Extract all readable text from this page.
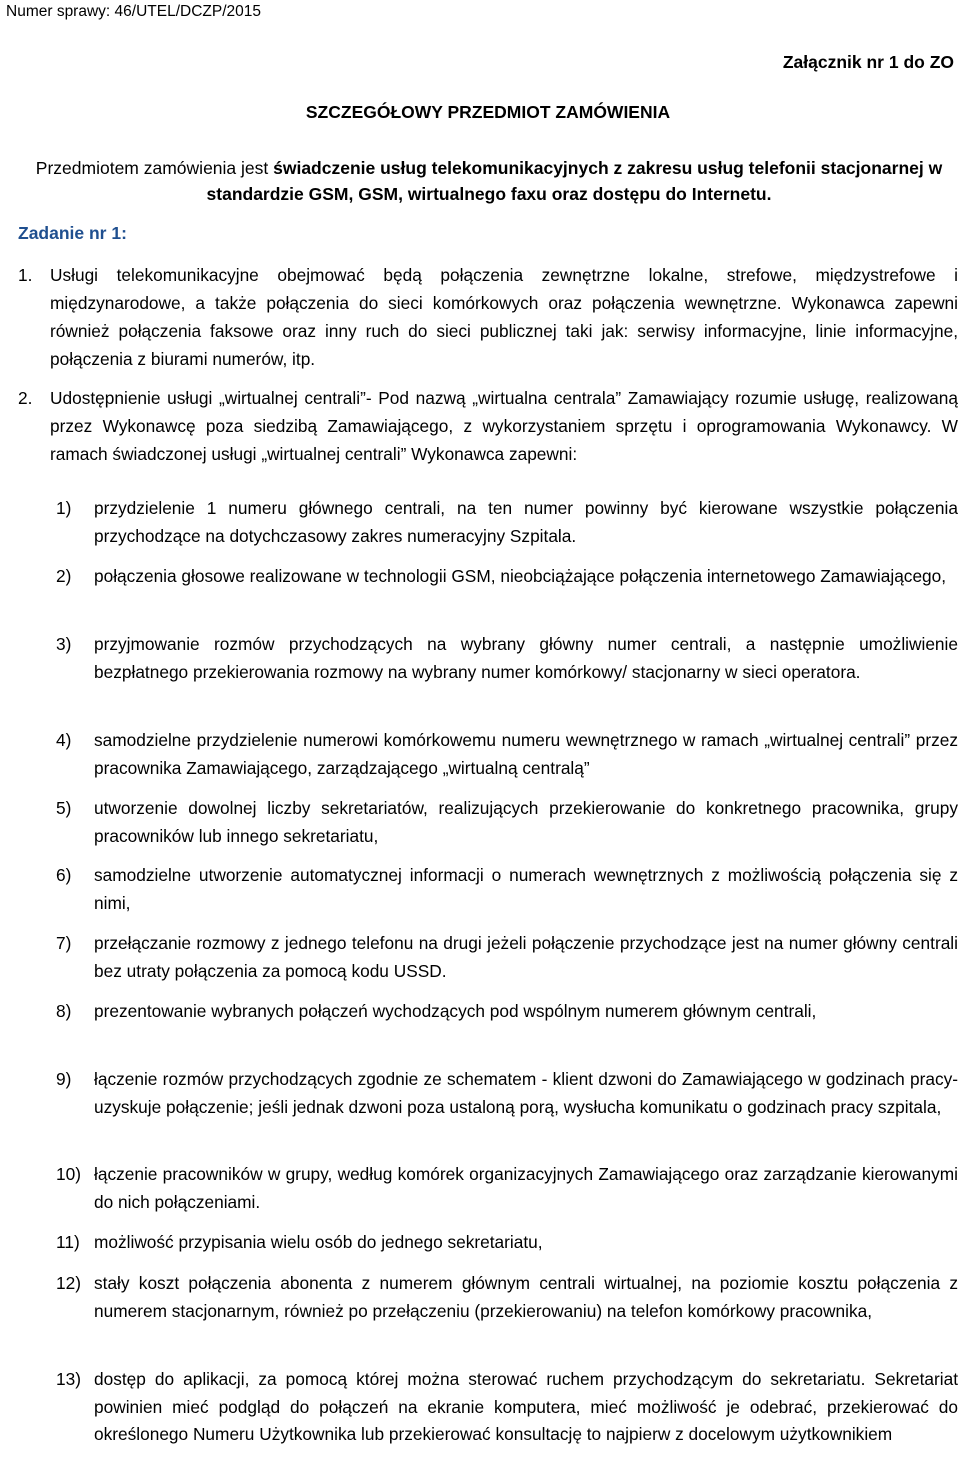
Numer sprawy: 46/UTEL/DCZP/2015
Załącznik nr 1 do ZO
SZCZEGÓŁOWY PRZEDMIOT ZAMÓWIENIA
Przedmiotem zamówienia jest świadczenie usług telekomunikacyjnych z zakresu usług telefonii stacjonarnej w standardzie GSM, GSM, wirtualnego faxu oraz dostępu do Internetu.
Zadanie nr 1:
1. Usługi telekomunikacyjne obejmować będą połączenia zewnętrzne lokalne, strefowe, międzystrefowe i międzynarodowe, a także połączenia do sieci komórkowych oraz połączenia wewnętrzne. Wykonawca zapewni również połączenia faksowe oraz inny ruch do sieci publicznej taki jak: serwisy informacyjne, linie informacyjne, połączenia z biurami numerów, itp.
2. Udostępnienie usługi „wirtualnej centrali”- Pod nazwą „wirtualna centrala” Zamawiający rozumie usługę, realizowaną przez Wykonawcę poza siedzibą Zamawiającego, z wykorzystaniem sprzętu i oprogramowania Wykonawcy. W ramach świadczonej usługi „wirtualnej centrali” Wykonawca zapewni:
1) przydzielenie 1 numeru głównego centrali, na ten numer powinny być kierowane wszystkie połączenia przychodzące na dotychczasowy zakres numeracyjny Szpitala.
2) połączenia głosowe realizowane w technologii GSM, nieobciążające połączenia internetowego Zamawiającego,
3) przyjmowanie rozmów przychodzących na wybrany główny numer centrali, a następnie umożliwienie bezpłatnego przekierowania rozmowy na wybrany numer komórkowy/ stacjonarny w sieci operatora.
4) samodzielne przydzielenie numerowi komórkowemu numeru wewnętrznego w ramach „wirtualnej centrali” przez pracownika Zamawiającego, zarządzającego „wirtualną centralą”
5) utworzenie dowolnej liczby sekretariatów, realizujących przekierowanie do konkretnego pracownika, grupy pracowników lub innego sekretariatu,
6) samodzielne utworzenie automatycznej informacji o numerach wewnętrznych z możliwością połączenia się z nimi,
7) przełączanie rozmowy z jednego telefonu na drugi jeżeli połączenie przychodzące jest na numer główny centrali bez utraty połączenia za pomocą kodu USSD.
8) prezentowanie wybranych połączeń wychodzących pod wspólnym numerem głównym centrali,
9) łączenie rozmów przychodzących zgodnie ze schematem - klient dzwoni do Zamawiającego w godzinach pracy- uzyskuje połączenie; jeśli jednak dzwoni poza ustaloną porą, wysłucha komunikatu o godzinach pracy szpitala,
10) łączenie pracowników w grupy, według komórek organizacyjnych Zamawiającego oraz zarządzanie kierowanymi do nich połączeniami.
11) możliwość przypisania wielu osób do jednego sekretariatu,
12) stały koszt połączenia abonenta z numerem głównym centrali wirtualnej, na poziomie kosztu połączenia z numerem stacjonarnym, również po przełączeniu (przekierowaniu) na telefon komórkowy pracownika,
13) dostęp do aplikacji, za pomocą której można sterować ruchem przychodzącym do sekretariatu. Sekretariat powinien mieć podgląd do połączeń na ekranie komputera, mieć możliwość je odebrać, przekierować do określonego Numeru Użytkownika lub przekierować konsultację to najpierw z docelowym użytkownikiem
